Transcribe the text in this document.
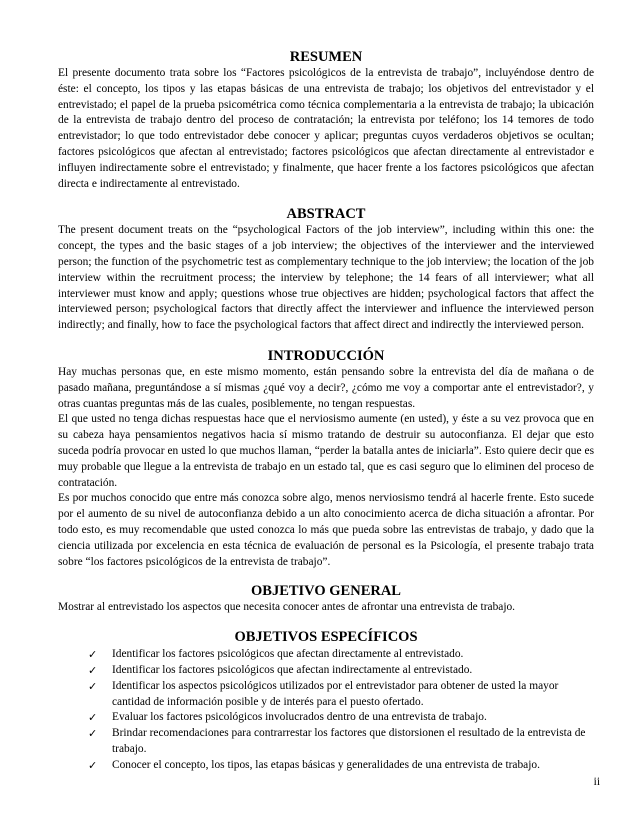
RESUMEN

El presente documento trata sobre los “Factores psicológicos de la entrevista de trabajo”, incluyéndose dentro de éste: el concepto, los tipos y las etapas básicas de una entrevista de trabajo; los objetivos del entrevistador y el entrevistado; el papel de la prueba psicométrica como técnica complementaria a la entrevista de trabajo; la ubicación de la entrevista de trabajo dentro del proceso de contratación; la entrevista por teléfono; los 14 temores de todo entrevistador; lo que todo entrevistador debe conocer y aplicar; preguntas cuyos verdaderos objetivos se ocultan; factores psicológicos que afectan al entrevistado; factores psicológicos que afectan directamente al entrevistador e influyen indirectamente sobre el entrevistado; y finalmente, que hacer frente a los factores psicológicos que afectan directa e indirectamente al entrevistado.

ABSTRACT

The present document treats on the “psychological Factors of the job interview”, including within this one: the concept, the types and the basic stages of a job interview; the objectives of the interviewer and the interviewed person; the function of the psychometric test as complementary technique to the job interview; the location of the job interview within the recruitment process; the interview by telephone; the 14 fears of all interviewer; what all interviewer must know and apply; questions whose true objectives are hidden; psychological factors that affect the interviewed person; psychological factors that directly affect the interviewer and influence the interviewed person indirectly; and finally, how to face the psychological factors that affect direct and indirectly the interviewed person.

INTRODUCCIÓN

Hay muchas personas que, en este mismo momento, están pensando sobre la entrevista del día de mañana o de pasado mañana, preguntándose a sí mismas ¿qué voy a decir?, ¿cómo me voy a comportar ante el entrevistador?, y otras cuantas preguntas más de las cuales, posiblemente, no tengan respuestas.

El que usted no tenga dichas respuestas hace que el nerviosismo aumente (en usted), y éste a su vez provoca que en su cabeza haya pensamientos negativos hacia sí mismo tratando de destruir su autoconfianza. El dejar que esto suceda podría provocar en usted lo que muchos llaman, “perder la batalla antes de iniciarla”. Esto quiere decir que es muy probable que llegue a la entrevista de trabajo en un estado tal, que es casi seguro que lo eliminen del proceso de contratación.

Es por muchos conocido que entre más conozca sobre algo, menos nerviosismo tendrá al hacerle frente. Esto sucede por el aumento de su nivel de autoconfianza debido a un alto conocimiento acerca de dicha situación a afrontar. Por todo esto, es muy recomendable que usted conozca lo más que pueda sobre las entrevistas de trabajo, y dado que la ciencia utilizada por excelencia en esta técnica de evaluación de personal es la Psicología, el presente trabajo trata sobre “los factores psicológicos de la entrevista de trabajo”.

OBJETIVO GENERAL

Mostrar al entrevistado los aspectos que necesita conocer antes de afrontar una entrevista de trabajo.

OBJETIVOS ESPECÍFICOS
✓ Identificar los factores psicológicos que afectan directamente al entrevistado.
✓ Identificar los factores psicológicos que afectan indirectamente al entrevistado.
✓ Identificar los aspectos psicológicos utilizados por el entrevistador para obtener de usted la mayor cantidad de información posible y de interés para el puesto ofertado.
✓ Evaluar los factores psicológicos involucrados dentro de una entrevista de trabajo.
✓ Brindar recomendaciones para contrarrestar los factores que distorsionen el resultado de la entrevista de trabajo.
✓ Conocer el concepto, los tipos, las etapas básicas y generalidades de una entrevista de trabajo.
ii
